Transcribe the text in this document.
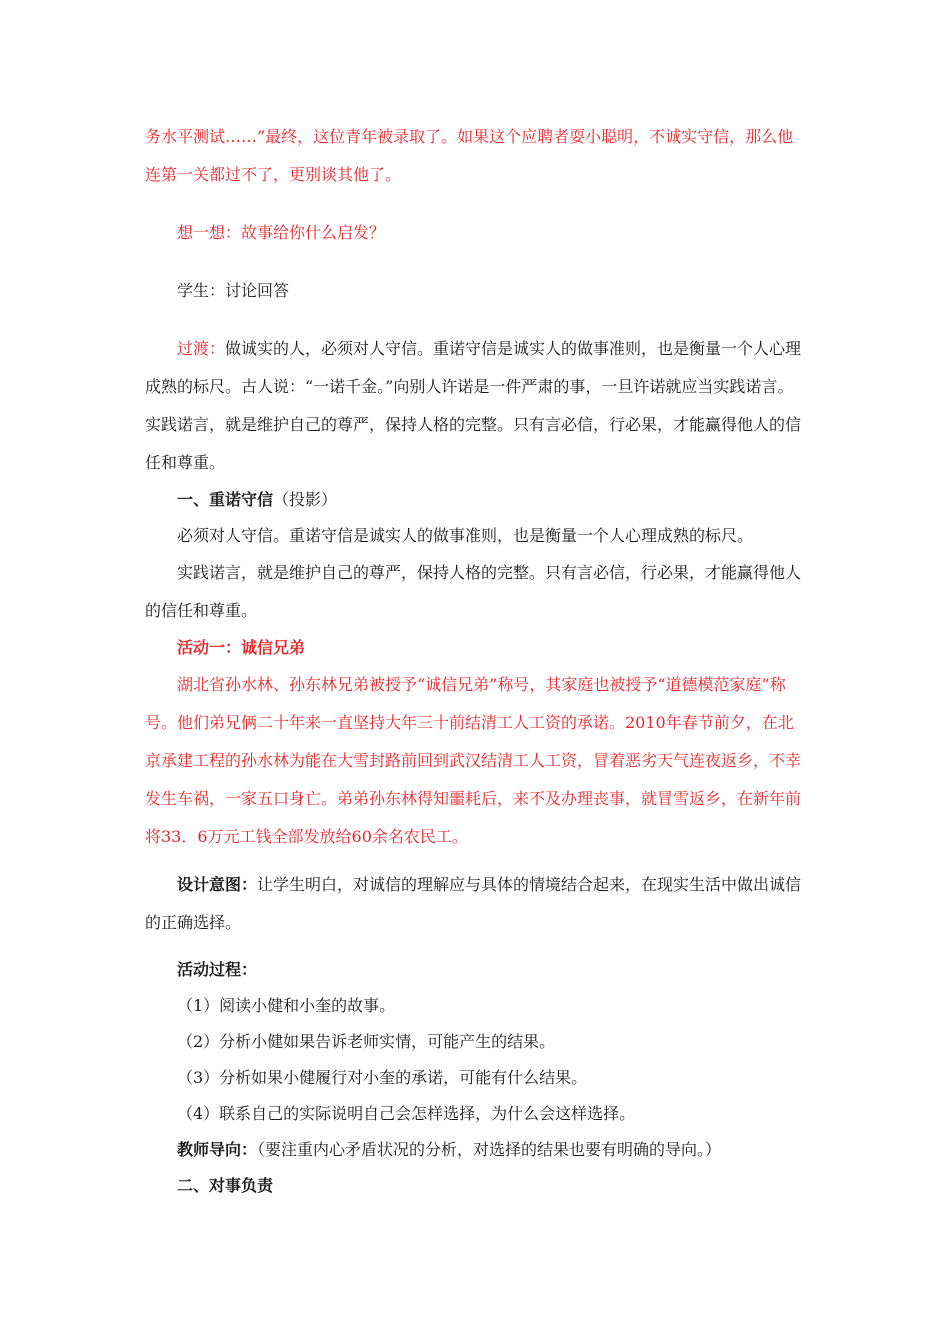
务水平测试……”最终，这位青年被录取了。如果这个应聘者耍小聪明，不诚实守信，那么他连第一关都过不了，更别谈其他了。

想一想：故事给你什么启发？

学生：讨论回答

过渡：做诚实的人，必须对人守信。重诺守信是诚实人的做事准则，也是衡量一个人心理成熟的标尺。古人说：“一诺千金。”向别人许诺是一件严肃的事，一旦许诺就应当实践诺言。实践诺言，就是维护自己的尊严，保持人格的完整。只有言必信，行必果，才能赢得他人的信任和尊重。

一、重诺守信（投影）

必须对人守信。重诺守信是诚实人的做事准则，也是衡量一个人心理成熟的标尺。

实践诺言，就是维护自己的尊严，保持人格的完整。只有言必信，行必果，才能赢得他人的信任和尊重。

活动一：诚信兄弟

湖北省孙水林、孙东林兄弟被授予“诚信兄弟”称号，其家庭也被授予“道德模范家庭”称号。他们弟兄俩二十年来一直坚持大年三十前结清工人工资的承诺。2010年春节前夕，在北京承建工程的孙水林为能在大雪封路前回到武汉结清工人工资，冒着恶劣天气连夜返乡，不幸发生车祸，一家五口身亡。弟弟孙东林得知噩耗后，来不及办理丧事，就冒雪返乡，在新年前将33．6万元工钱全部发放给60余名农民工。

设计意图：让学生明白，对诚信的理解应与具体的情境结合起来，在现实生活中做出诚信的正确选择。

活动过程：

（1）阅读小健和小奎的故事。

（2）分析小健如果告诉老师实情，可能产生的结果。

（3）分析如果小健履行对小奎的承诺，可能有什么结果。

（4）联系自己的实际说明自己会怎样选择，为什么会这样选择。

教师导向：（要注重内心矛盾状况的分析，对选择的结果也要有明确的导向。）

二、对事负责
